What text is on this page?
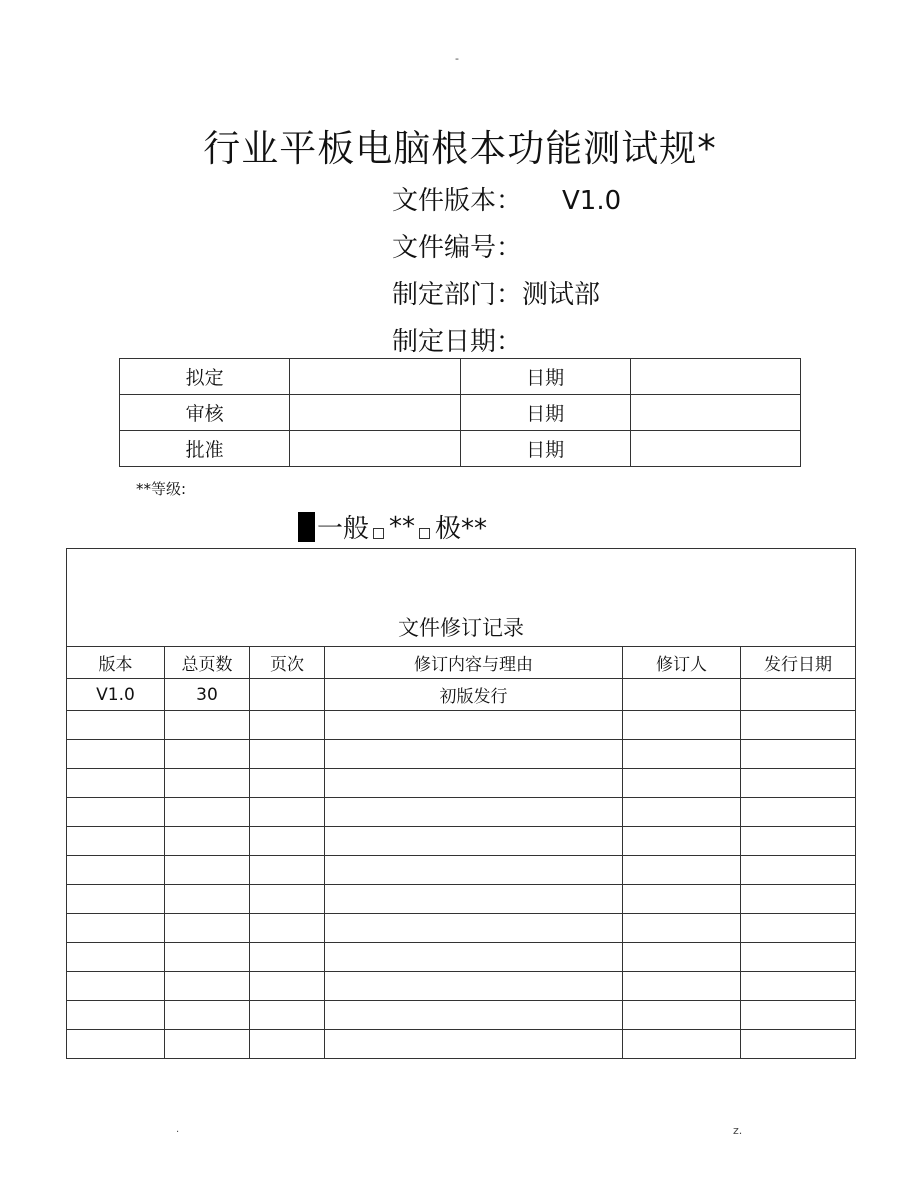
-
行业平板电脑根本功能测试规*
文件版本： V1.0
文件编号：
制定部门：测试部
制定日期：
拟定		日期	
审核		日期	
批准		日期	
**等级:
一般 ** 极**
文件修订记录					
版本	总页数	页次	修订内容与理由	修订人	发行日期
V1.0	30		初版发行		

.	z.
